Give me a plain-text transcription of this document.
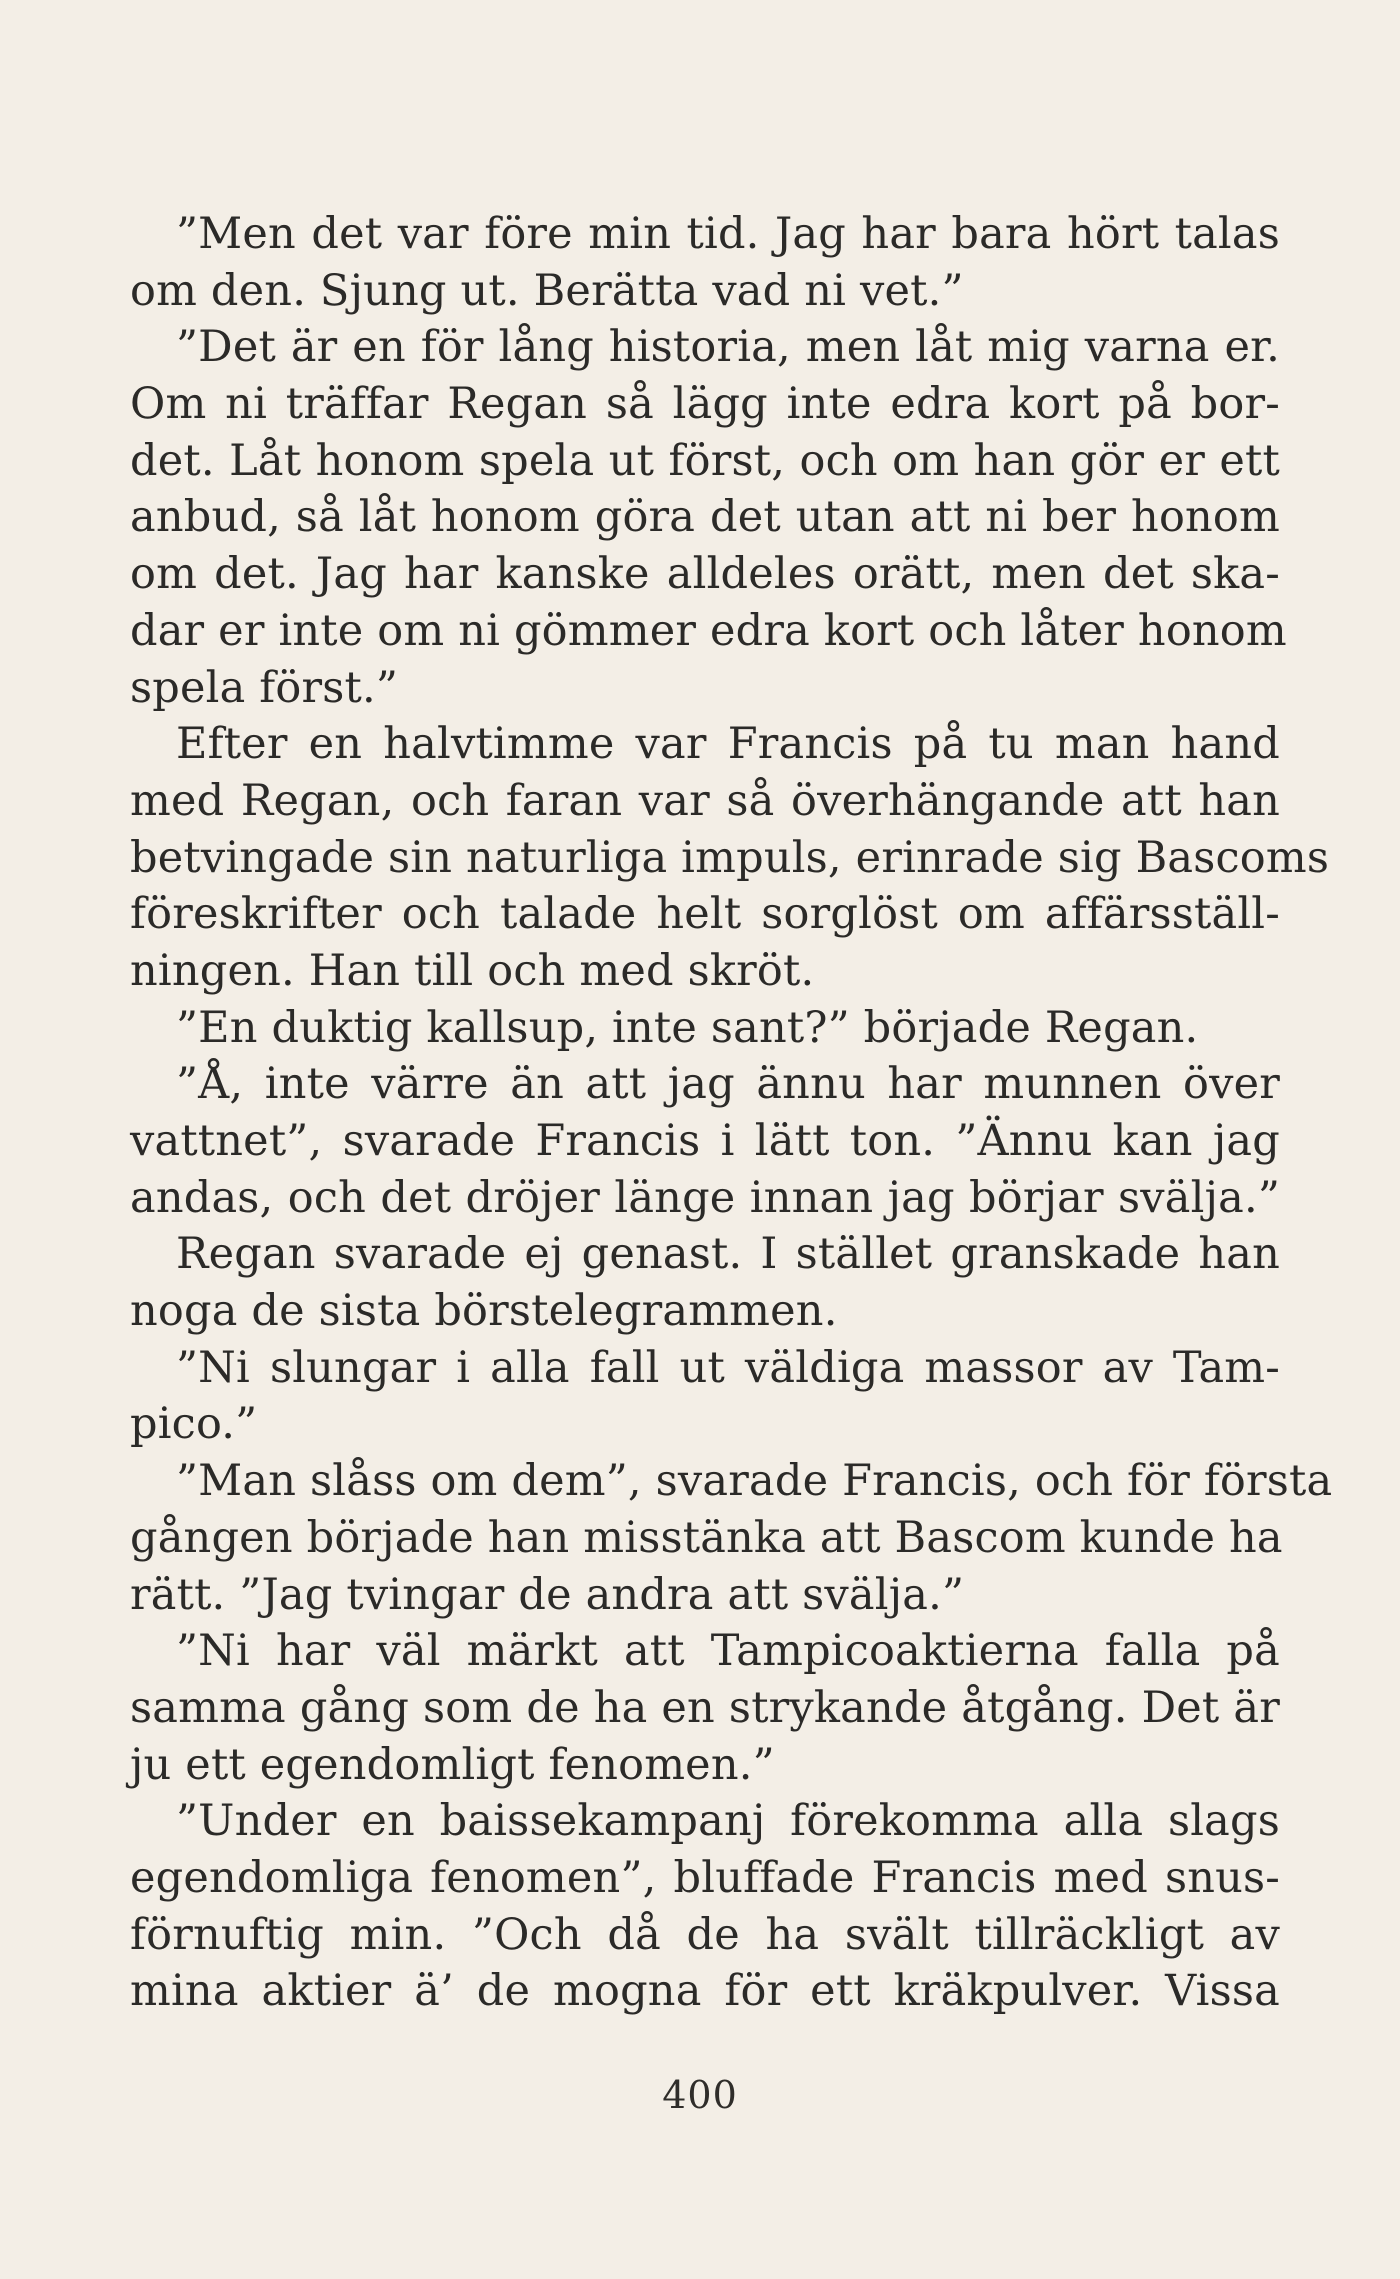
”Men det var före min tid. Jag har bara hört talas
om den. Sjung ut. Berätta vad ni vet.”
”Det är en för lång historia, men låt mig varna er.
Om ni träffar Regan så lägg inte edra kort på bor-
det. Låt honom spela ut först, och om han gör er ett
anbud, så låt honom göra det utan att ni ber honom
om det. Jag har kanske alldeles orätt, men det ska-
dar er inte om ni gömmer edra kort och låter honom
spela först.”
Efter en halvtimme var Francis på tu man hand
med Regan, och faran var så överhängande att han
betvingade sin naturliga impuls, erinrade sig Bascoms
föreskrifter och talade helt sorglöst om affärsställ-
ningen. Han till och med skröt.
”En duktig kallsup, inte sant?” började Regan.
”Å, inte värre än att jag ännu har munnen över
vattnet”, svarade Francis i lätt ton. ”Ännu kan jag
andas, och det dröjer länge innan jag börjar svälja.”
Regan svarade ej genast. I stället granskade han
noga de sista börstelegrammen.
”Ni slungar i alla fall ut väldiga massor av Tam-
pico.”
”Man slåss om dem”, svarade Francis, och för första
gången började han misstänka att Bascom kunde ha
rätt. ”Jag tvingar de andra att svälja.”
”Ni har väl märkt att Tampicoaktierna falla på
samma gång som de ha en strykande åtgång. Det är
ju ett egendomligt fenomen.”
”Under en baissekampanj förekomma alla slags
egendomliga fenomen”, bluffade Francis med snus-
förnuftig min. ”Och då de ha svält tillräckligt av
mina aktier ä’ de mogna för ett kräkpulver. Vissa
400
